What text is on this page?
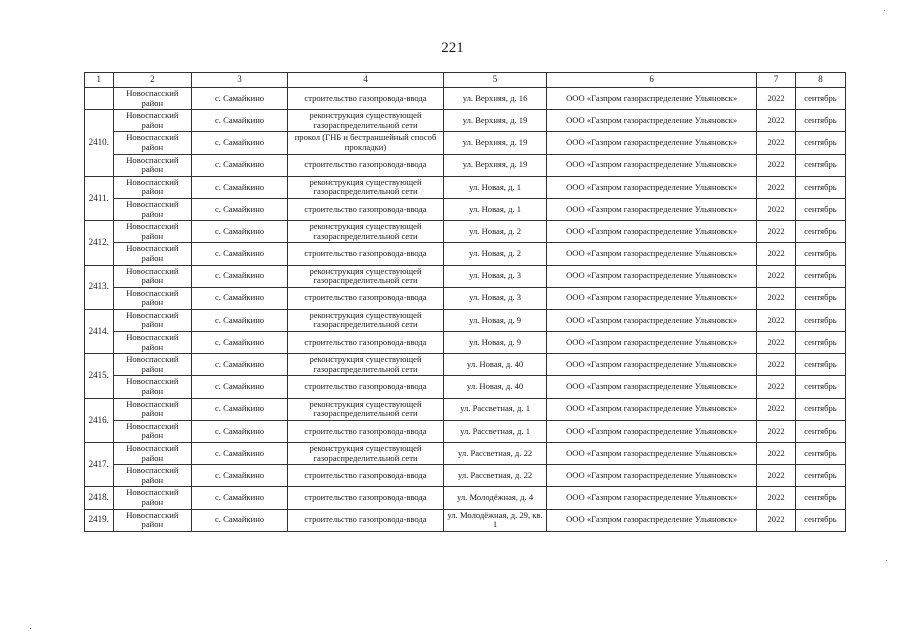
221
1	2	3	4	5	6	7	8
	Новоспасский район	с. Самайкино	строительство газопровода-ввода	ул. Верхняя, д. 16	ООО «Газпром газораспределение Ульяновск»	2022	сентябрь
2410.	Новоспасский район	с. Самайкино	реконструкция существующей газораспределительной сети	ул. Верхняя, д. 19	ООО «Газпром газораспределение Ульяновск»	2022	сентябрь
	Новоспасский район	с. Самайкино	прокол (ГНБ и бестраншейный способ прокладки)	ул. Верхняя, д. 19	ООО «Газпром газораспределение Ульяновск»	2022	сентябрь
	Новоспасский район	с. Самайкино	строительство газопровода-ввода	ул. Верхняя, д. 19	ООО «Газпром газораспределение Ульяновск»	2022	сентябрь
2411.	Новоспасский район	с. Самайкино	реконструкция существующей газораспределительной сети	ул. Новая, д. 1	ООО «Газпром газораспределение Ульяновск»	2022	сентябрь
	Новоспасский район	с. Самайкино	строительство газопровода-ввода	ул. Новая, д. 1	ООО «Газпром газораспределение Ульяновск»	2022	сентябрь
2412.	Новоспасский район	с. Самайкино	реконструкция существующей газораспределительной сети	ул. Новая, д. 2	ООО «Газпром газораспределение Ульяновск»	2022	сентябрь
	Новоспасский район	с. Самайкино	строительство газопровода-ввода	ул. Новая, д. 2	ООО «Газпром газораспределение Ульяновск»	2022	сентябрь
2413.	Новоспасский район	с. Самайкино	реконструкция существующей газораспределительной сети	ул. Новая, д. 3	ООО «Газпром газораспределение Ульяновск»	2022	сентябрь
	Новоспасский район	с. Самайкино	строительство газопровода-ввода	ул. Новая, д. 3	ООО «Газпром газораспределение Ульяновск»	2022	сентябрь
2414.	Новоспасский район	с. Самайкино	реконструкция существующей газораспределительной сети	ул. Новая, д. 9	ООО «Газпром газораспределение Ульяновск»	2022	сентябрь
	Новоспасский район	с. Самайкино	строительство газопровода-ввода	ул. Новая, д. 9	ООО «Газпром газораспределение Ульяновск»	2022	сентябрь
2415.	Новоспасский район	с. Самайкино	реконструкция существующей газораспределительной сети	ул. Новая, д. 40	ООО «Газпром газораспределение Ульяновск»	2022	сентябрь
	Новоспасский район	с. Самайкино	строительство газопровода-ввода	ул. Новая, д. 40	ООО «Газпром газораспределение Ульяновск»	2022	сентябрь
2416.	Новоспасский район	с. Самайкино	реконструкция существующей газораспределительной сети	ул. Рассветная, д. 1	ООО «Газпром газораспределение Ульяновск»	2022	сентябрь
	Новоспасский район	с. Самайкино	строительство газопровода-ввода	ул. Рассветная, д. 1	ООО «Газпром газораспределение Ульяновск»	2022	сентябрь
2417.	Новоспасский район	с. Самайкино	реконструкция существующей газораспределительной сети	ул. Рассветная, д. 22	ООО «Газпром газораспределение Ульяновск»	2022	сентябрь
	Новоспасский район	с. Самайкино	строительство газопровода-ввода	ул. Рассветная, д. 22	ООО «Газпром газораспределение Ульяновск»	2022	сентябрь
2418.	Новоспасский район	с. Самайкино	строительство газопровода-ввода	ул. Молодёжная, д. 4	ООО «Газпром газораспределение Ульяновск»	2022	сентябрь
2419.	Новоспасский район	с. Самайкино	строительство газопровода-ввода	ул. Молодёжная, д. 29, кв. 1	ООО «Газпром газораспределение Ульяновск»	2022	сентябрь
